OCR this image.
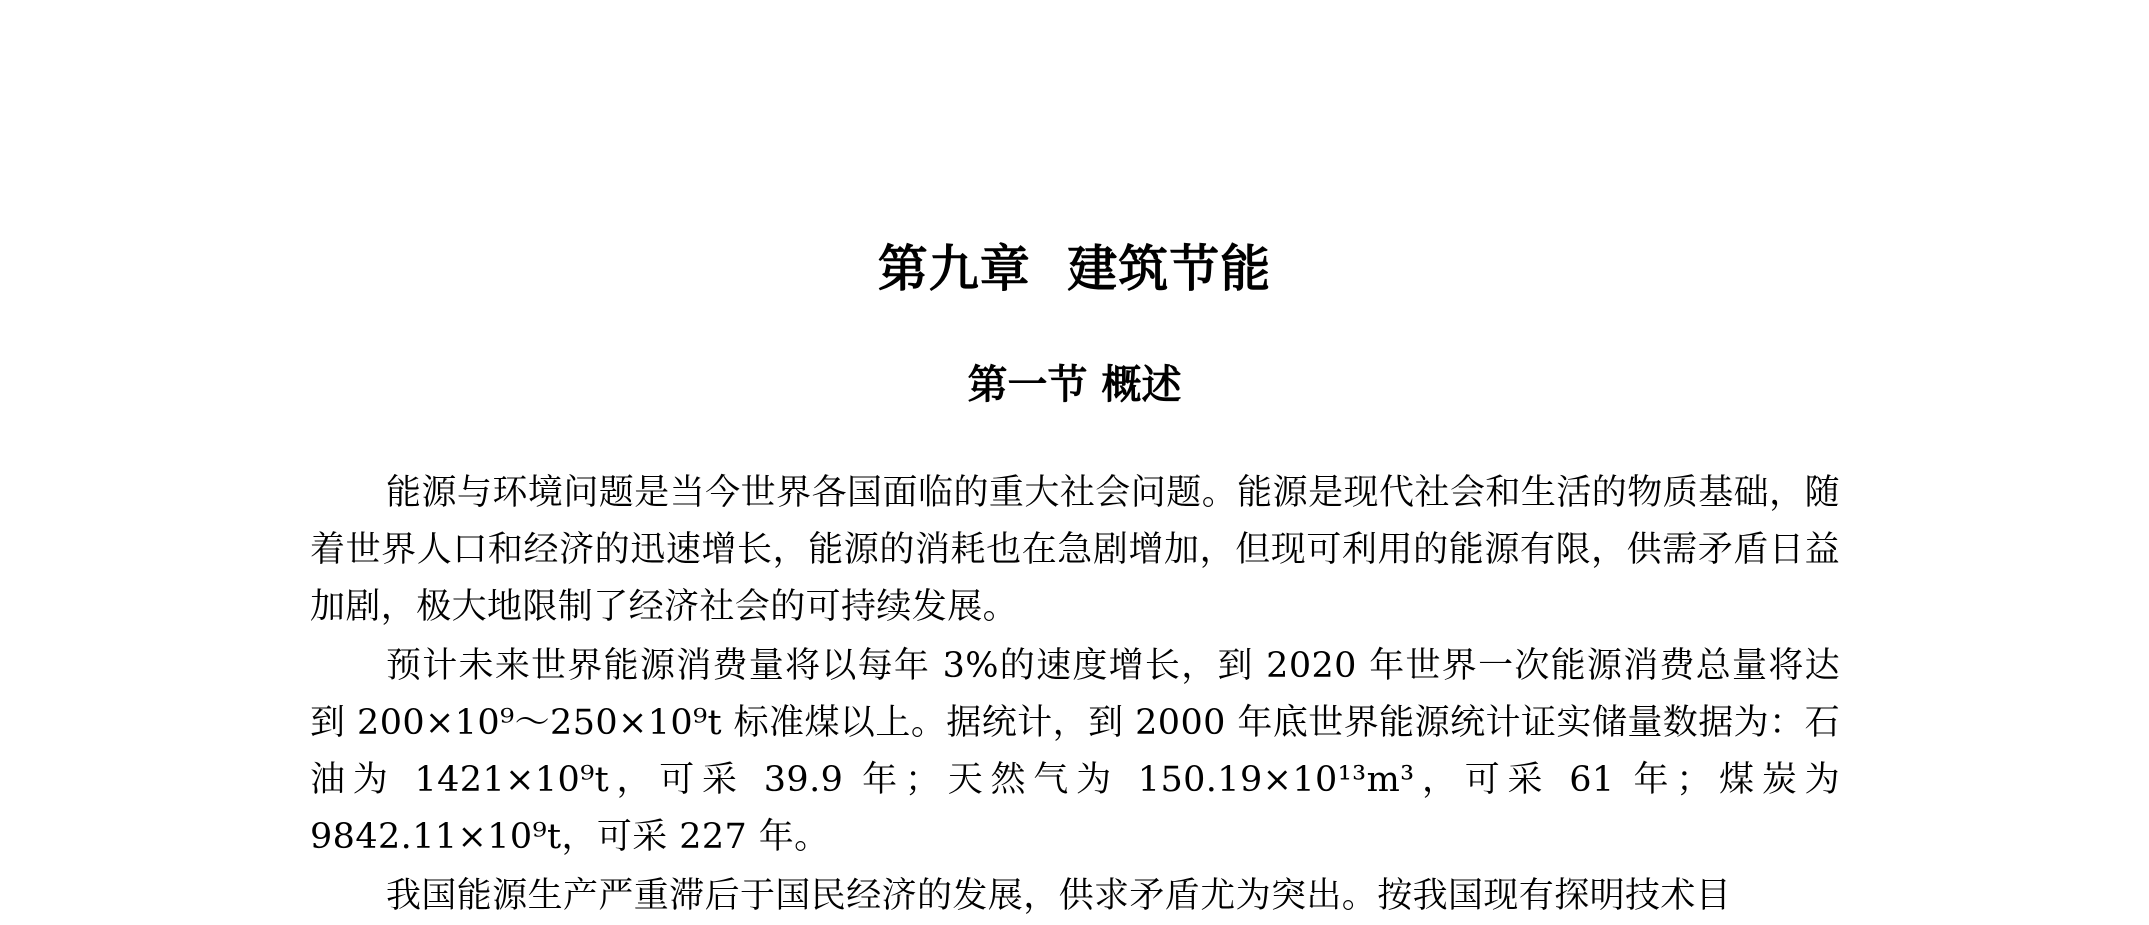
第九章 建筑节能
第一节 概述

能源与环境问题是当今世界各国面临的重大社会问题。能源是现代社会和生活的物质基础，随着世界人口和经济的迅速增长，能源的消耗也在急剧增加，但现可利用的能源有限，供需矛盾日益加剧，极大地限制了经济社会的可持续发展。

预计未来世界能源消费量将以每年 3%的速度增长，到 2020 年世界一次能源消费总量将达到 200×10⁹～250×10⁹t 标准煤以上。据统计，到 2000 年底世界能源统计证实储量数据为：石油为 1421×10⁹t，可采 39.9 年；天然气为 150.19×10¹³m³，可采 61 年；煤炭为 9842.11×10⁹t，可采 227 年。

我国能源生产严重滞后于国民经济的发展，供求矛盾尤为突出。按我国现有探明技术目
